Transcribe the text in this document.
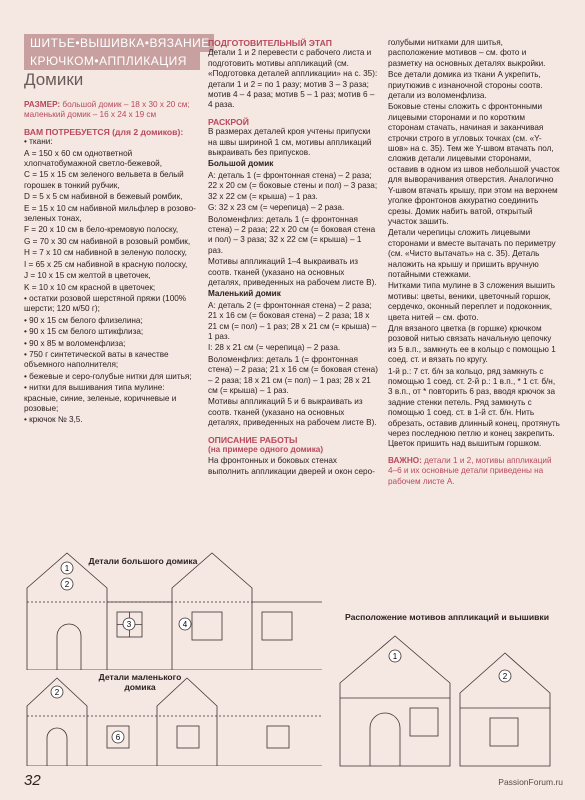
ШИТЬЕ•ВЫШИВКА•ВЯЗАНИЕ
КРЮЧКОМ•АППЛИКАЦИЯ
Домики

РАЗМЕР: большой домик – 18 x 30 x 20 см; маленький домик – 16 x 24 x 19 см

ВАМ ПОТРЕБУЕТСЯ (для 2 домиков):

• ткани:

А = 150 x 60 см однответной хлопчатобумажной светло-бежевой,

C = 15 x 15 см зеленого вельвета в белый горошек в тонкий рубчик,

D = 5 x 5 см набивной в бежевый ромбик,

E = 15 x 10 см набивной мильфлер в розово-зеленых тонах,

F = 20 x 10 см в бело-кремовую полоску,

G = 70 x 30 см набивной в розовый ромбик,

H = 7 x 10 см набивной в зеленую полоску,

I = 65 x 25 см набивной в красную полоску,

J = 10 x 15 см желтой в цветочек,

K = 10 x 10 см красной в цветочек;

• остатки розовой шерстяной пряжи (100% шерсти; 120 м/50 г);

• 90 x 15 см белого флизелина;

• 90 x 15 см белого штикфлиза;

• 90 x 85 м воломенфлиза;

• 750 г синтетической ваты в качестве объемного наполнителя;

• бежевые и серо-голубые нитки для шитья;

• нитки для вышивания типа мулине: красные, синие, зеленые, коричневые и розовые;

• крючок № 3,5.

ПОДГОТОВИТЕЛЬНЫЙ ЭТАП

Детали 1 и 2 перевести с рабочего листа и подготовить мотивы аппликаций (см. «Подготовка деталей аппликации» на с. 35): детали 1 и 2 = по 1 разу; мотив 3 – 3 раза; мотив 4 – 4 раза; мотив 5 – 1 раз; мотив 6 – 4 раза.

РАСКРОЙ

В размерах деталей кроя учтены припуски на швы шириной 1 см, мотивы аппликаций выкраивать без припусков.

Большой домик

A: деталь 1 (= фронтонная стена) – 2 раза; 22 x 20 см (= боковые стены и пол) – 3 раза; 32 x 22 см (= крыша) – 1 раз.

G: 32 x 23 см (= черепица) – 2 раза.

Воломенфлиз: деталь 1 (= фронтонная стена) – 2 раза; 22 x 20 см (= боковая стена и пол) – 3 раза; 32 x 22 см (= крыша) – 1 раз.

Мотивы аппликаций 1–4 выкраивать из соотв. тканей (указано на основных деталях, приведенных на рабочем листе B).

Маленький домик

A: деталь 2 (= фронтонная стена) – 2 раза; 21 x 16 см (= боковая стена) – 2 раза; 18 x 21 см (= пол) – 1 раз; 28 x 21 см (= крыша) – 1 раз.

I: 28 x 21 см (= черепица) – 2 раза.

Воломенфлиз: деталь 1 (= фронтонная стена) – 2 раза; 21 x 16 см (= боковая стена) – 2 раза; 18 x 21 см (= пол) – 1 раз; 28 x 21 см (= крыша) – 1 раз.

Мотивы аппликаций 5 и 6 выкраивать из соотв. тканей (указано на основных деталях, приведенных на рабочем листе B).

ОПИСАНИЕ РАБОТЫ

(на примере одного домика)

На фронтонных и боковых стенах выполнить аппликации дверей и окон серо-

голубыми нитками для шитья, расположение мотивов – см. фото и разметку на основных деталях выкройки.

Все детали домика из ткани A укрепить, приутюжив с изнаночной стороны соотв. детали из воломенфлиза.

Боковые стены сложить с фронтонными лицевыми сторонами и по коротким сторонам стачать, начиная и заканчивая строчки строго в угловых точках (см. «Y-шов» на с. 35). Тем же Y-швом втачать пол, сложив детали лицевыми сторонами, оставив в одном из швов небольшой участок для выворачивания отверстия. Аналогично Y-швом втачать крышу, при этом на верхнем уголке фронтонов аккуратно соединить срезы. Домик набить ватой, открытый участок зашить.

Детали черепицы сложить лицевыми сторонами и вместе вытачать по периметру (см. «Чисто вытачать» на с. 35). Деталь наложить на крышу и пришить вручную потайными стежками.

Нитками типа мулине в 3 сложения вышить мотивы: цветы, веники, цветочный горшок, сердечко, оконный переплет и подоконник, цвета нитей – см. фото.

Для вязаного цветка (в горшке) крючком розовой нитью связать начальную цепочку из 5 в.п., замкнуть ее в кольцо с помощью 1 соед. ст. и вязать по кругу.

1-й р.: 7 ст. б/н за кольцо, ряд замкнуть с помощью 1 соед. ст. 2-й р.: 1 в.п., * 1 ст. б/н, 3 в.п., от * повторить 6 раз, вводя крючок за задние стенки петель. Ряд замкнуть с помощью 1 соед. ст. в 1-й ст. б/н. Нить обрезать, оставив длинный конец, протянуть через последнюю петлю и конец закрепить. Цветок пришить над вышитым горшком.

ВАЖНО: детали 1 и 2, мотивы аппликаций 4–6 и их основные детали приведены на рабочем листе A.

1
2
3	4
Детали большого домика
2
6
Детали маленького домика
Расположение мотивов аппликаций и вышивки
1
2
32	PassionForum.ru
